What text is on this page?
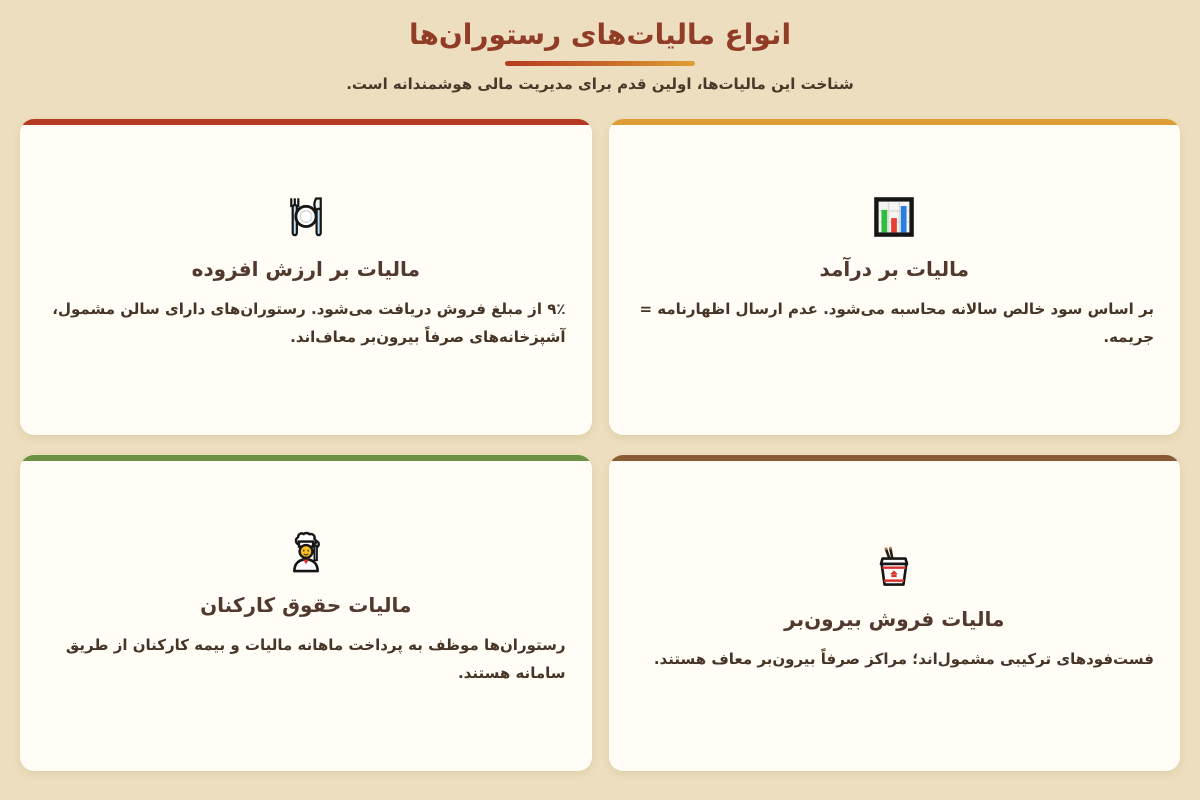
انواع مالیات‌های رستوران‌ها

شناخت این مالیات‌ها، اولین قدم برای مدیریت مالی هوشمندانه است.

مالیات بر درآمد

بر اساس سود خالص سالانه محاسبه می‌شود. عدم ارسال اظهارنامه = جریمه.

مالیات بر ارزش افزوده

۹٪ از مبلغ فروش دریافت می‌شود. رستوران‌های دارای سالن مشمول، آشپزخانه‌های صرفاً بیرون‌بر معاف‌اند.

مالیات فروش بیرون‌بر

فست‌فودهای ترکیبی مشمول‌اند؛ مراکز صرفاً بیرون‌بر معاف هستند.

مالیات حقوق کارکنان

رستوران‌ها موظف به پرداخت ماهانه مالیات و بیمه کارکنان از طریق سامانه هستند.
